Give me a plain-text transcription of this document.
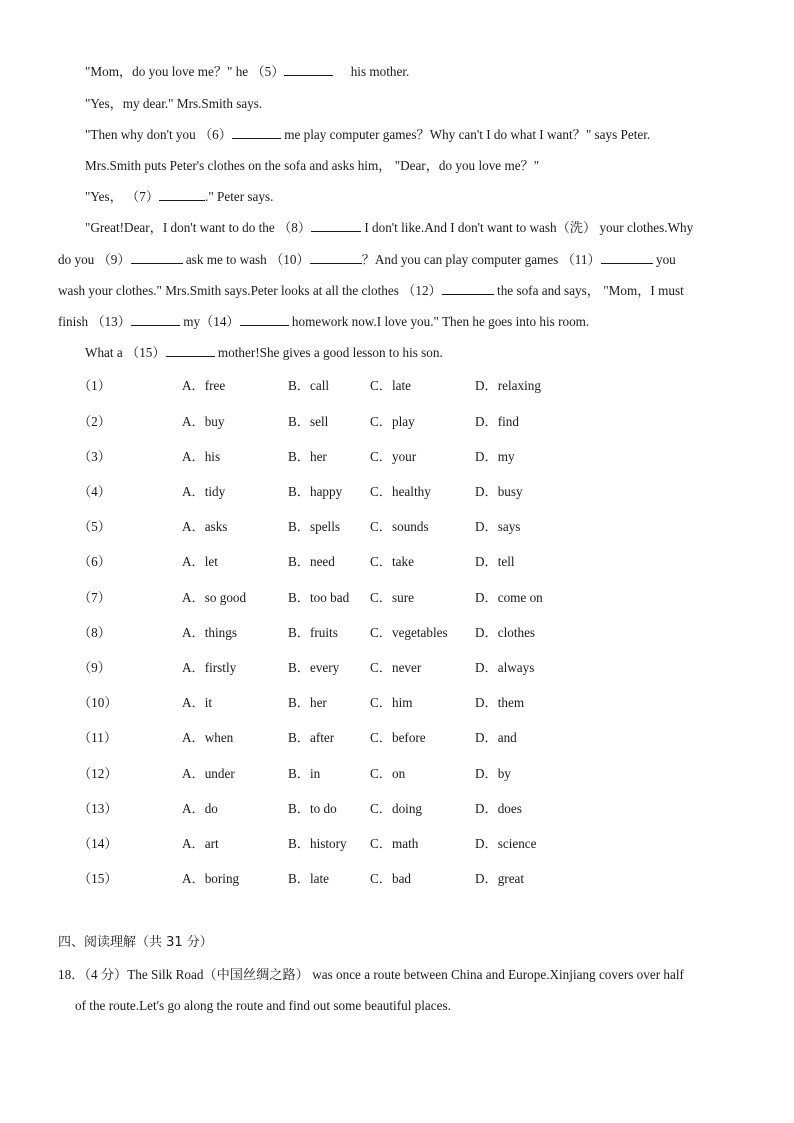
"Mom，do you love me？" he （5）	his mother.
"Yes，my dear." Mrs.Smith says.
"Then why don't you （6）	me play computer games？Why can't I do what I want？" says Peter.
Mrs.Smith puts Peter's clothes on the sofa and asks him， "Dear，do you love me？"
"Yes， （7）	." Peter says.
"Great!Dear，I don't want to do the （8）	I don't like.And I don't want to wash（洗） your clothes.Why
do you （9）	ask me to wash （10）	？And you can play computer games （11）	you
wash your clothes." Mrs.Smith says.Peter looks at all the clothes （12）	the sofa and says， "Mom，I must
finish （13）	my（14）	homework now.I love you." Then he goes into his room.
What a （15）	mother!She gives a good lesson to his son.
（1）	A．free	B．call	C．late	D．relaxing
（2）	A．buy	B．sell	C．play	D．find
（3）	A．his	B．her	C．your	D．my
（4）	A．tidy	B．happy C．healthy	D．busy
（5）	A．asks	B．spells C．sounds	D．says
（6）	A．let	B．need	C．take	D．tell
（7）	A．so good	B．too bad C．sure	D．come on
（8）	A．things	B．fruits C．vegetables D．clothes
（9）	A．firstly	B．every C．never	D．always
（10）	A．it	B．her	C．him	D．them
（11）	A．when	B．after	C．before	D．and
（12）	A．under	B．in	C．on	D．by
（13）	A．do	B．to do	C．doing	D．does
（14）	A．art	B．history C．math	D．science
（15）	A．boring	B．late	C．bad	D．great
四、阅读理解（共 31 分）
18．（4 分）The Silk Road（中国丝绸之路） was once a route between China and Europe.Xinjiang covers over half
of the route.Let's go along the route and find out some beautiful places.
